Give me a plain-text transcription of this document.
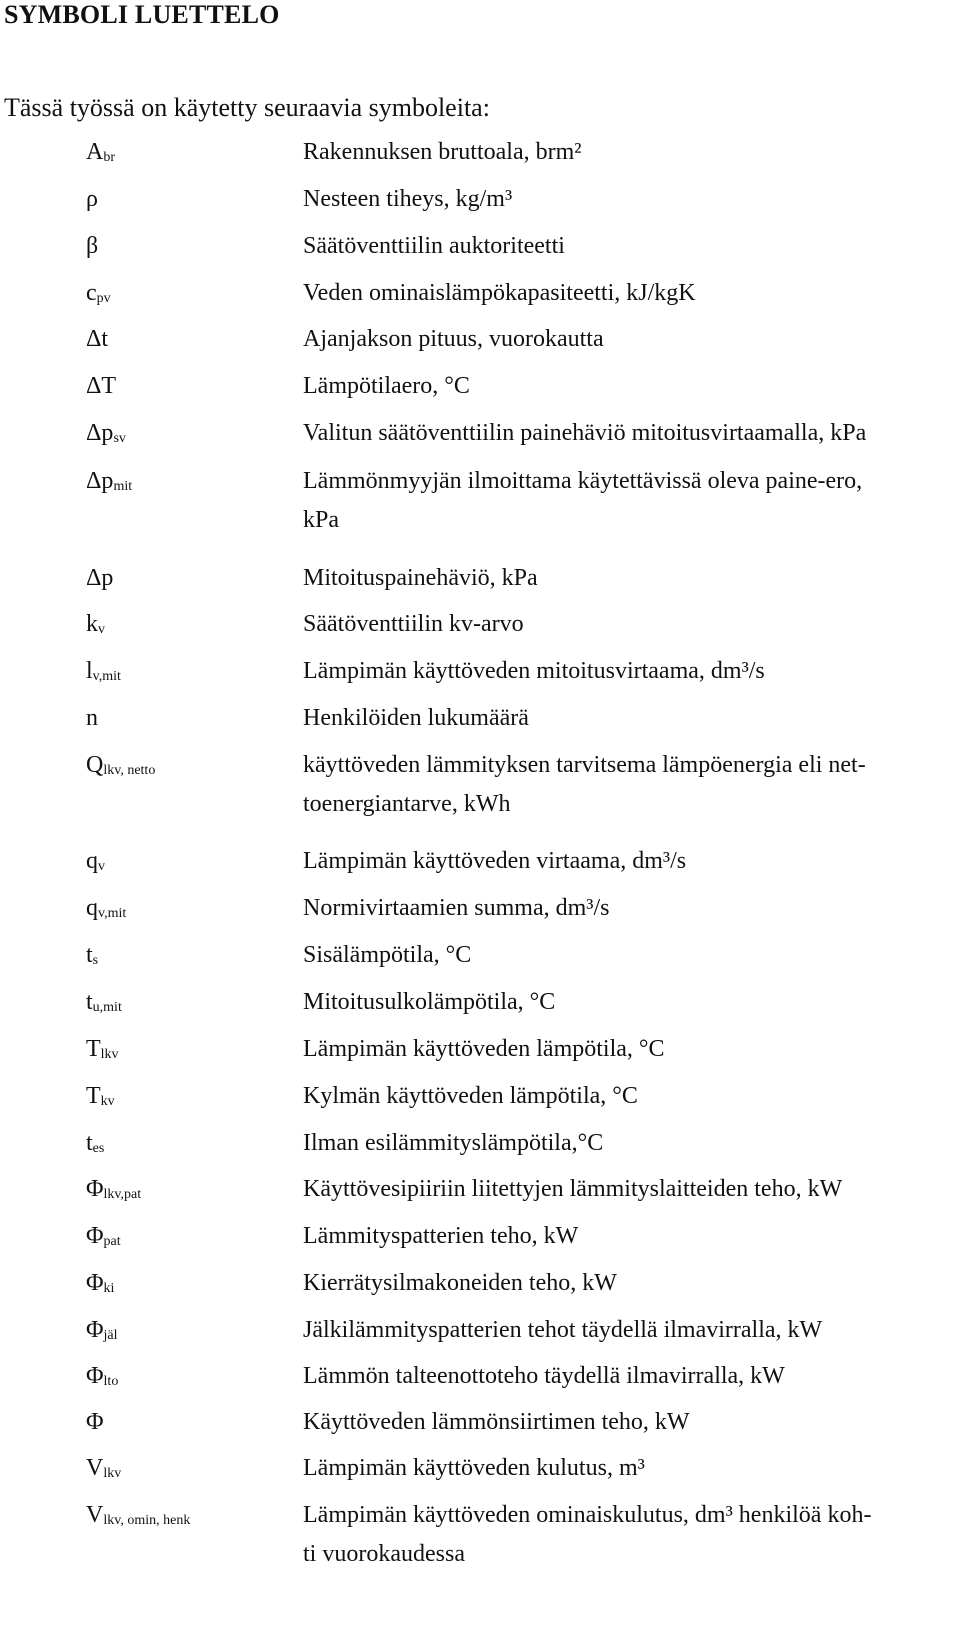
SYMBOLI LUETTELO

Tässä työssä on käytetty seuraavia symboleita:

Abr	Rakennuksen bruttoala, brm²
ρ	Nesteen tiheys, kg/m³
β	Säätöventtiilin auktoriteetti
cpv	Veden ominaislämpökapasiteetti, kJ/kgK
Δt	Ajanjakson pituus, vuorokautta
ΔT	Lämpötilaero, °C
Δpsv	Valitun säätöventtiilin painehäviö mitoitusvirtaamalla, kPa
Δpmit	Lämmönmyyjän ilmoittama käytettävissä oleva paine-ero,
kPa
Δp	Mitoituspainehäviö, kPa
kv	Säätöventtiilin kv-arvo
lv,mit	Lämpimän käyttöveden mitoitusvirtaama, dm³/s
n	Henkilöiden lukumäärä
Qlkv, netto	käyttöveden lämmityksen tarvitsema lämpöenergia eli net-
toenergiantarve, kWh
qv	Lämpimän käyttöveden virtaama, dm³/s
qv,mit	Normivirtaamien summa, dm³/s
ts	Sisälämpötila, °C
tu,mit	Mitoitusulkolämpötila, °C
Tlkv	Lämpimän käyttöveden lämpötila, °C
Tkv	Kylmän käyttöveden lämpötila, °C
tes	Ilman esilämmityslämpötila,°C
Φlkv,pat	Käyttövesipiiriin liitettyjen lämmityslaitteiden teho, kW
Φpat	Lämmityspatterien teho, kW
Φki	Kierrätysilmakoneiden teho, kW
Φjäl	Jälkilämmityspatterien tehot täydellä ilmavirralla, kW
Φlto	Lämmön talteenottoteho täydellä ilmavirralla, kW
Φ	Käyttöveden lämmönsiirtimen teho, kW
Vlkv	Lämpimän käyttöveden kulutus, m³
Vlkv, omin, henk	Lämpimän käyttöveden ominaiskulutus, dm³ henkilöä koh-
ti vuorokaudessa
